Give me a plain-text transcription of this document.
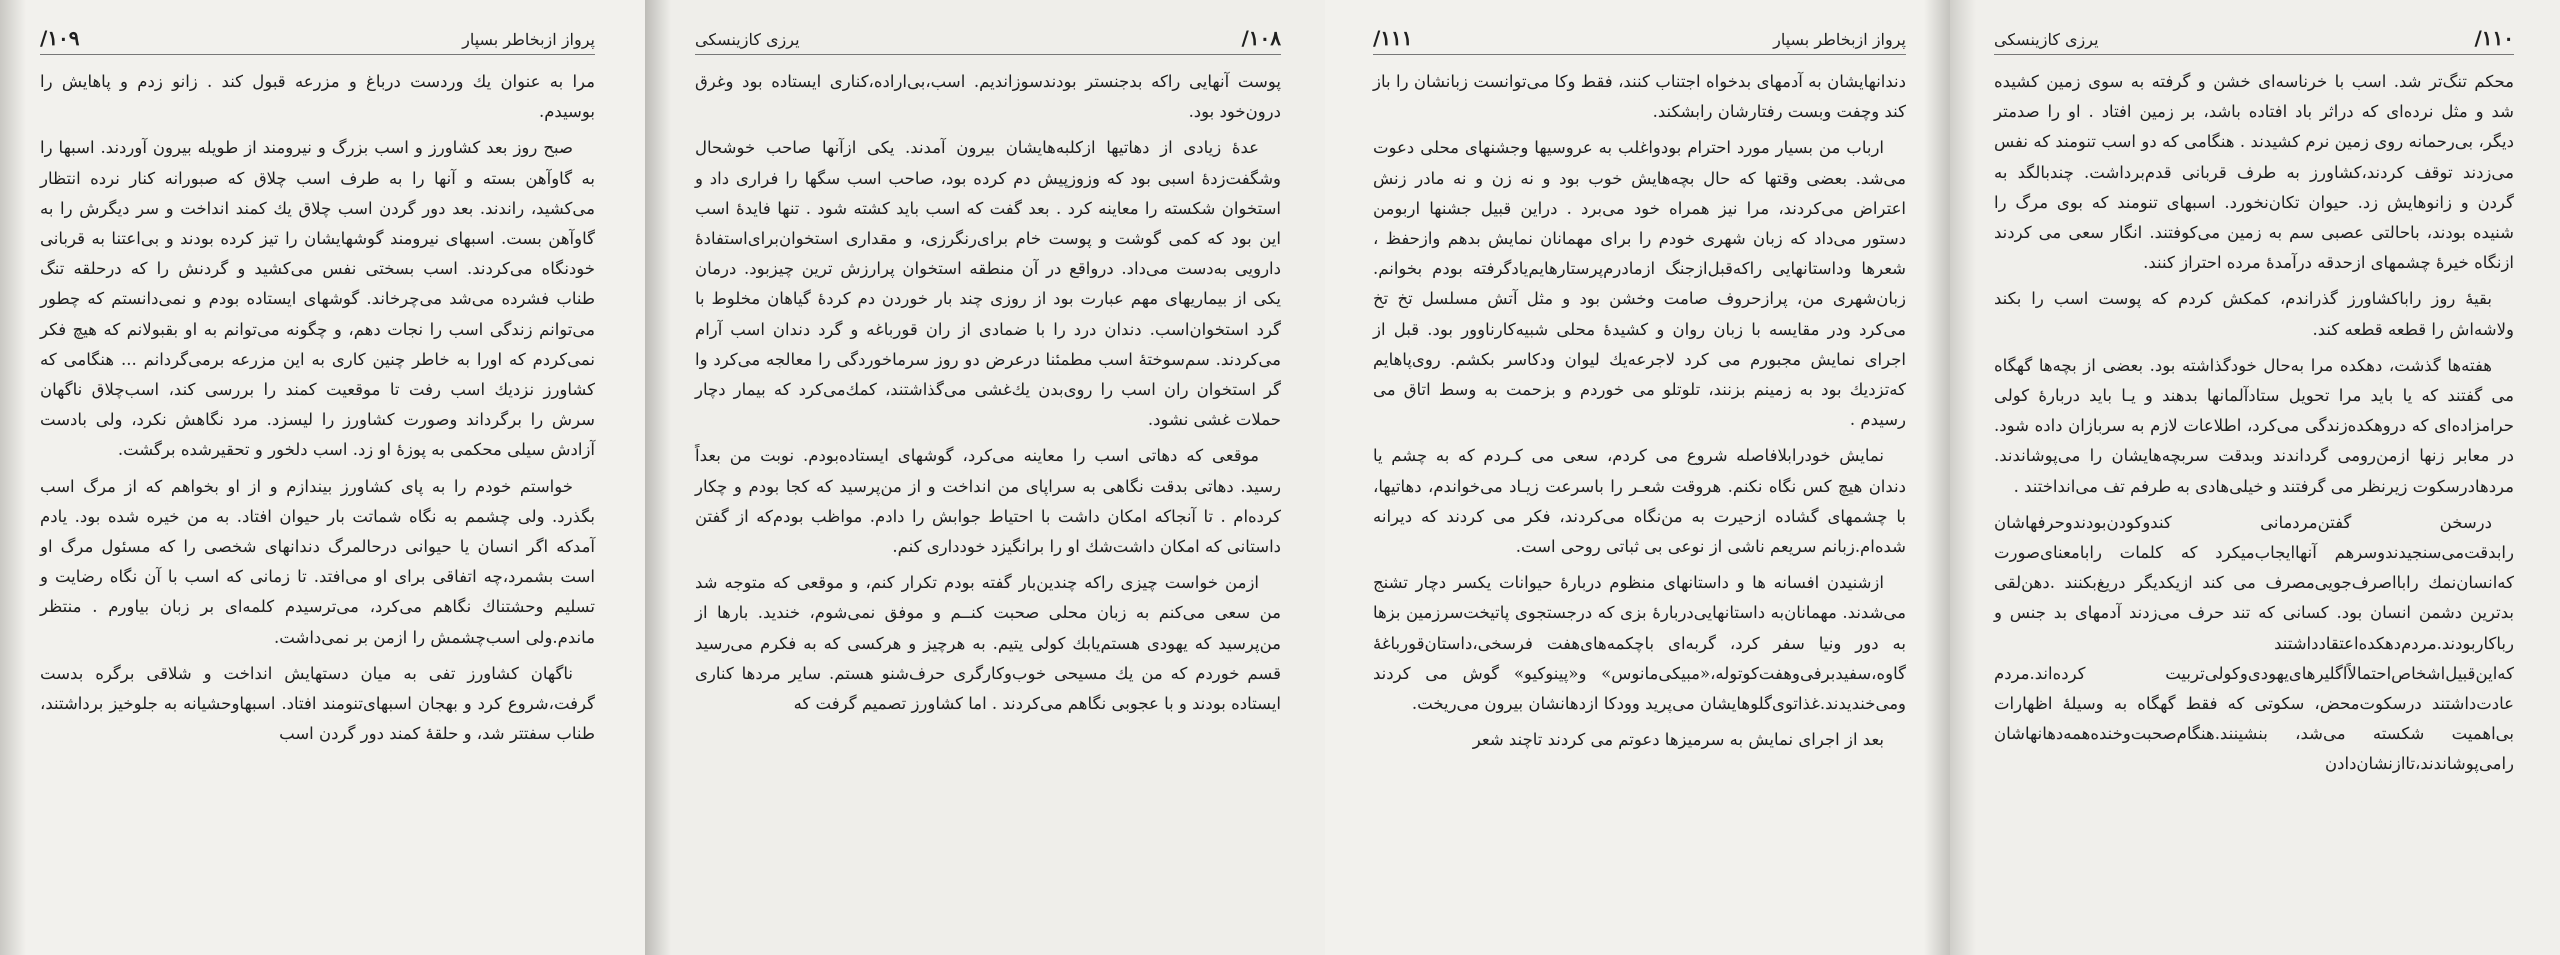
پرواز ازبخاطر بسپار
۱۰۹/

مرا به عنوان یك وردست درباغ و مزرعه قبول کند . زانو زدم و پاهایش را بوسیدم.

صبح روز بعد کشاورز و اسب بزرگ و نیرومند از طویله بیرون آوردند. اسبها را به گاوآهن بسته و آنها را به طرف اسب چلاق که صبورانه کنار نرده انتظار می‌کشید، راندند. بعد دور گردن اسب چلاق یك کمند انداخت و سر دیگرش را به گاوآهن بست. اسبهای نیرومند گوشهایشان را تیز کرده بودند و بی‌اعتنا به قربانی خودنگاه می‌کردند. اسب بسختی نفس می‌کشید و گردنش را که درحلقه تنگ طناب فشرده می‌شد می‌چرخاند. گوشهای ایستاده بودم و نمی‌دانستم که چطور می‌توانم زندگی اسب را نجات دهم، و چگونه می‌توانم به او بقبولانم که هیچ فکر نمی‌کردم که اورا به خاطر چنین کاری به این مزرعه برمی‌گردانم ... هنگامی که کشاورز نزدیك اسب رفت تا موقعیت کمند را بررسی کند، اسب‌چلاق ناگهان سرش را برگرداند وصورت کشاورز را لیسزد. مرد نگاهش نکرد، ولی بادست آزادش سیلی محکمی به پوزهٔ او زد. اسب دلخور و تحقیرشده برگشت.

خواستم خودم را به پای کشاورز بیندازم و از او بخواهم که از مرگ اسب بگذرد. ولی چشمم به نگاه شماتت بار حیوان افتاد. به من خیره شده بود. یادم آمدکه اگر انسان یا حیوانی درحالمرگ دندانهای شخصی را که مسئول مرگ او است بشمرد،چه اتفاقی برای او می‌افتد. تا زمانی که اسب با آن نگاه رضایت و تسلیم وحشتناك نگاهم می‌کرد، می‌ترسیدم کلمه‌ای بر زبان بیاورم . منتظر ماندم.ولی اسب‌چشمش را ازمن بر نمی‌داشت.

ناگهان کشاورز تفی به میان دستهایش انداخت و شلاقی برگره بدست گرفت،شروع کرد و بهجان اسبهای‌تنومند افتاد. اسبهاوحشیانه به جلوخیز برداشتند، طناب سفتتر شد، و حلقهٔ کمند دور گردن اسب

۱۰۸/
یرزی کازینسکی

پوست آنهایی راکه بدجنستر بودندسوزاندیم. اسب،بی‌اراده،کناری ایستاده بود وغرق درون‌خود بود.

عدهٔ زیادی از دهاتیها ازکلبه‌هایشان بیرون آمدند. یکی ازآنها صاحب خوشحال وشگفت‌زدهٔ اسبی بود که وزوزپیش دم کرده بود، صاحب اسب سگها را فراری داد و استخوان شکسته را معاینه کرد . بعد گفت که اسب باید کشته شود . تنها فایدهٔ اسب این بود که کمی گوشت و پوست خام برای‌رنگرزی، و مقداری استخوان‌برای‌استفادهٔ دارویی به‌دست می‌داد. درواقع در آن منطقه استخوان پرارزش ترین چیزبود. درمان یکی از بیماریهای مهم عبارت بود از روزی چند بار خوردن دم کردهٔ گیاهان مخلوط با گرد استخوان‌اسب. دندان درد را با ضمادی از ران قورباغه و گرد دندان اسب آرام می‌کردند. سم‌سوختهٔ اسب مطمئنا درعرض دو روز سرماخوردگی را معالجه می‌کرد وا گر استخوان ران اسب را روی‌بدن یك‌غشی می‌گذاشتند، کمك‌می‌کرد که بیمار دچار حملات غشی نشود.

موقعی که دهاتی اسب را معاینه می‌کرد، گوشهای ایستاده‌بودم. نوبت من بعداً رسید. دهاتی بدقت نگاهی به سراپای من انداخت و از من‌پرسید که کجا بودم و چکار کرده‌ام . تا آنجاکه امکان داشت با احتیاط جوابش را دادم. مواظب بودم‌که از گفتن داستانی که امکان داشت‌شك او را برانگیزد خودداری کنم.

ازمن خواست چیزی راکه چندین‌بار گفته بودم تکرار کنم، و موقعی که متوجه شد من سعی می‌کنم به زبان محلی صحبت کنــم و موفق نمی‌شوم، خندید. بارها از من‌پرسید که یهودی هستم‌یابك کولی یتیم. به هرچیز و هرکسی که به فکرم می‌رسید قسم خوردم که من یك مسیحی خوب‌وکارگری حرف‌شنو هستم. سایر مردها کناری ایستاده بودند و با عجوبی نگاهم می‌کردند . اما کشاورز تصمیم گرفت که

پرواز ازبخاطر بسپار
۱۱۱/

دندانهایشان به آدمهای بدخواه اجتناب کنند، فقط وکا می‌توانست زبانشان را باز کند وچفت وبست رفتارشان رابشکند.

ارباب من بسیار مورد احترام بودواغلب به عروسیها وجشنهای محلی دعوت می‌شد. بعضی وقتها که حال بچه‌هایش خوب بود و نه زن و نه مادر زنش اعتراض می‌کردند، مرا نیز همراه خود می‌برد . دراین قبیل جشنها اربومن دستور می‌داد که زبان شهری خودم را برای مهمانان نمایش بدهم وازحفظ ، شعرها وداستانهایی راکه‌قبل‌ازجنگ ازمادرم‌پرستارهایم‌یادگرفته بودم بخوانم. زبان‌شهری من، پراز‌حروف صامت وخشن بود و مثل آتش مسلسل تخ تخ می‌کرد ودر مقایسه با زبان روان و کشیدهٔ محلی شبیه‌کارناوور بود. قبل از اجرای نمایش مجبورم می کرد لاجرعه‌یك لیوان ودکاسر بکشم. روی‌پاهایم که‌تزدیك بود به زمینم بزنند، تلوتلو می خوردم و بزحمت به وسط اتاق می رسیدم .

نمایش خودرابلافاصله شروع می کردم، سعی می کـردم که به چشم یا دندان هیچ کس نگاه نکنم. هروقت شعـر را باسرعت زیـاد می‌خواندم، دهاتیها، با چشمهای گشاده ازحیرت به من‌نگاه می‌کردند، فکر می کردند که دیرانه شده‌ام.زبانم سریعم ناشی از نوعی بی ثباتی روحی است.

ازشنیدن افسانه ها و داستانهای منظوم دربارهٔ حیوانات یکسر دچار تشنج می‌شدند. مهمانان‌به داستانهایی‌دربارهٔ بزی که درجستجوی پاتیخت‌سرزمین بزها به دور ونیا سفر کرد، گربه‌ای باچکمه‌های‌هفت فرسخی،داستان‌قورباغهٔ گاوه،سفید‌برفی‌وهفت‌کوتوله،«مبیکی‌مانوس» و«پینوکیو» گوش می کردند ومی‌خندیدند.غذاتوی‌گلوهایشان می‌پرید وودکا ازدهانشان بیرون می‌ریخت.

بعد از اجرای نمایش به سرمیزها دعوتم می کردند تاچند شعر

۱۱۰/
یرزی کازینسکی

محکم تنگ‌تر شد. اسب با خرناسه‌ای خشن و گرفته به سوی زمین کشیده شد و مثل نرده‌ای که دراثر باد افتاده باشد، بر زمین افتاد . او را صدمتر دیگر، بی‌رحمانه روی زمین نرم کشیدند . هنگامی که دو اسب تنومند که نفس می‌زدند توقف کردند،کشاورز به طرف قربانی قدم‌برداشت. چندبالگد به گردن و زانوهایش زد. حیوان تکان‌نخورد. اسبهای تنومند که بوی مرگ را شنیده بودند، باحالتی عصبی سم به زمین می‌کوفتند. انگار سعی می کردند ازنگاه خیرهٔ چشمهای ازحدقه درآمدهٔ مرده احتراز کنند.

بقیهٔ روز راباکشاورز گذراندم، کمکش کردم که پوست اسب را بکند ولاشه‌اش را قطعه قطعه کند.

هفته‌ها گذشت، دهکده مرا به‌حال خودگذاشته بود. بعضی از بچه‌ها گهگاه می گفتند که یا باید مرا تحویل ستادآلمانها بدهند و یـا باید دربارهٔ کولی حرامزاده‌ای که دروهکده‌زندگی می‌کرد، اطلاعات لازم به سربازان داده شود. در معابر زنها ازمن‌رومی گرداندند وبدقت سربچه‌هایشان را می‌پوشاندند. مردهادرسکوت زیرنظر می گرفتند و خیلی‌هادی به طرفم تف می‌انداختند .

درسخن گفتن‌مردمانی کندوکودن‌بودندوحرفهاشان را‌بدقت‌می‌سنجیدندوسرهم آنهاایجاب‌میکرد که کلمات رابامعنای‌صورت که‌انسان‌نمك رابااصرف‌جویی‌مصرف می کند ازیکدیگر دریغ‌بکنند .دهن‌لقی بدترین دشمن انسان بود. کسانی که تند حرف می‌زدند آدمهای بد جنس و رباکاربودند.مردم‌دهکده‌اعتقادداشتند که‌این‌قبیل‌اشخاص‌احتمالاً‌اگلیر‌های‌یهودی‌وکولی‌تربیت کرده‌اند.مردم عادت‌داشتند درسکوت‌محض، سکوتی که فقط گهگاه به وسیلهٔ اظهارات بی‌اهمیت شکسته می‌شد، بنشینند.هنگام‌صحبت‌وخنده‌همه‌دهانهاشان رامی‌پوشاندند،تاازنشان‌دادن
